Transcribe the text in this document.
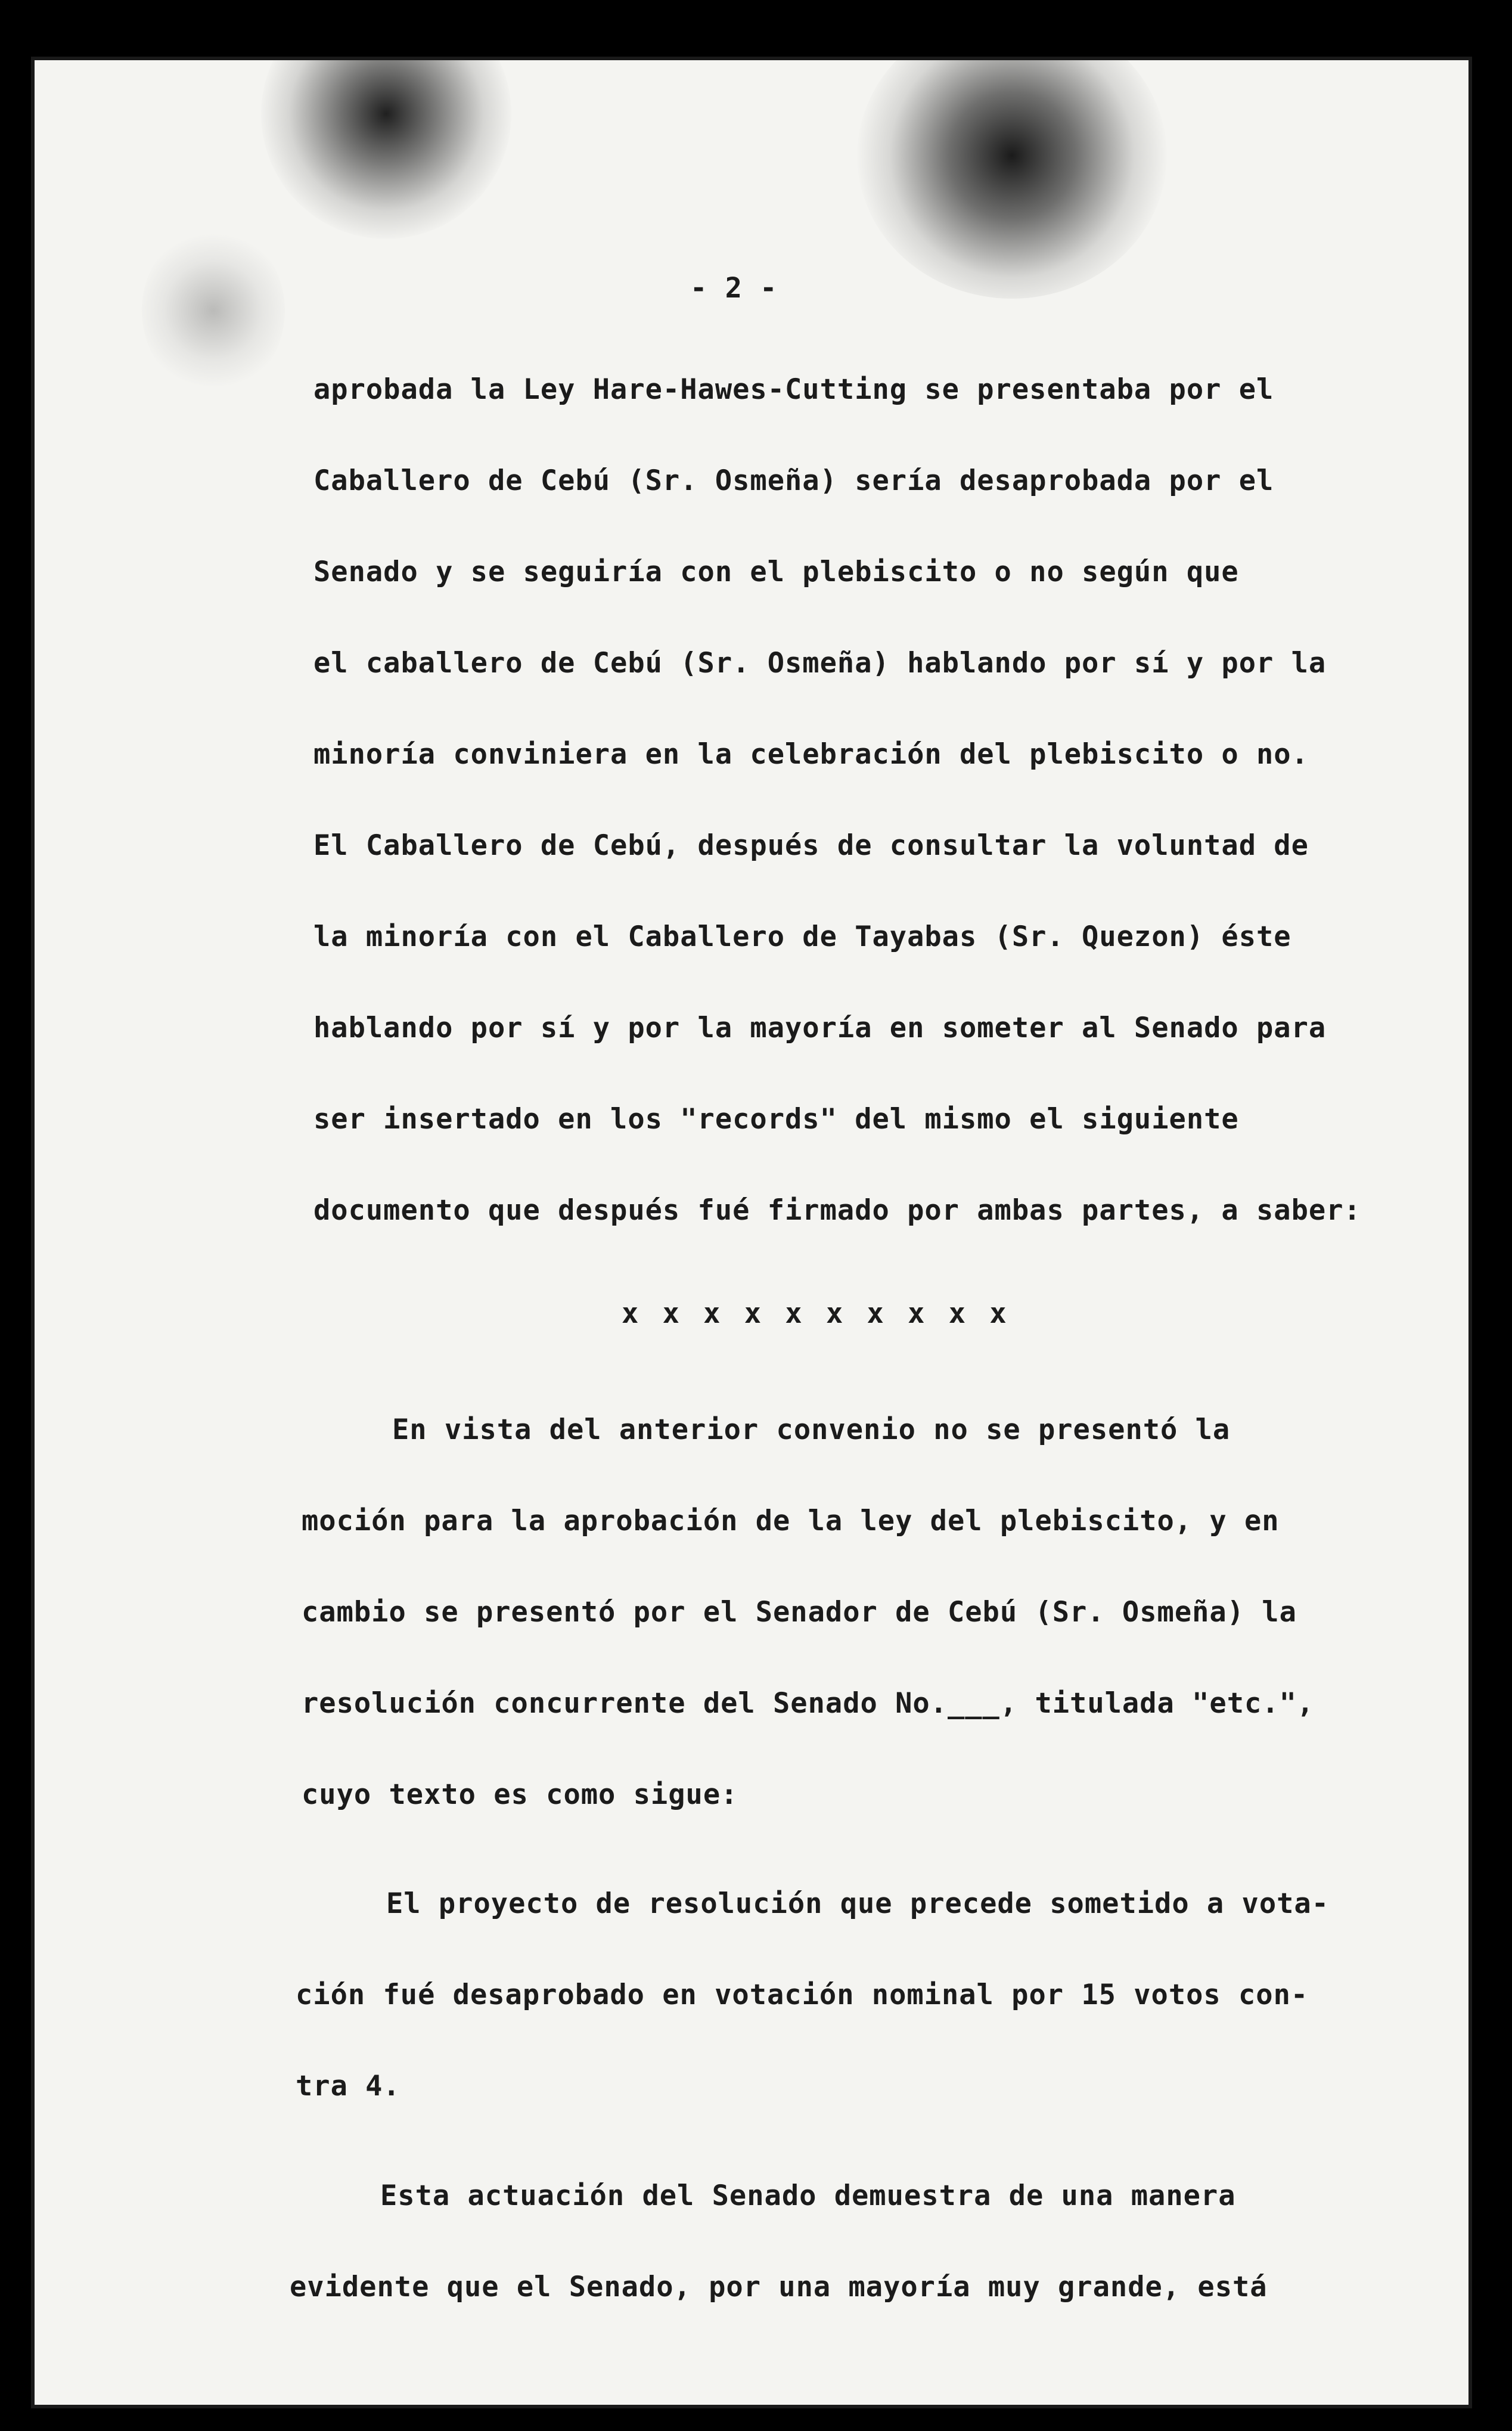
- 2 -
aprobada la Ley Hare-Hawes-Cutting se presentaba por el
Caballero de Cebú (Sr. Osmeña) sería desaprobada por el
Senado y se seguiría con el plebiscito o no según que
el caballero de Cebú (Sr. Osmeña) hablando por sí y por la
minoría conviniera en la celebración del plebiscito o no.
El Caballero de Cebú, después de consultar la voluntad de
la minoría con el Caballero de Tayabas (Sr. Quezon) éste
hablando por sí y por la mayoría en someter al Senado para
ser insertado en los "records" del mismo el siguiente
documento que después fué firmado por ambas partes, a saber:
x x x x x x x x x x
En vista del anterior convenio no se presentó la
moción para la aprobación de la ley del plebiscito, y en
cambio se presentó por el Senador de Cebú (Sr. Osmeña) la
resolución concurrente del Senado No.___, titulada "etc.",
cuyo texto es como sigue:
El proyecto de resolución que precede sometido a vota-
ción fué desaprobado en votación nominal por 15 votos con-
tra 4.
Esta actuación del Senado demuestra de una manera
evidente que el Senado, por una mayoría muy grande, está
